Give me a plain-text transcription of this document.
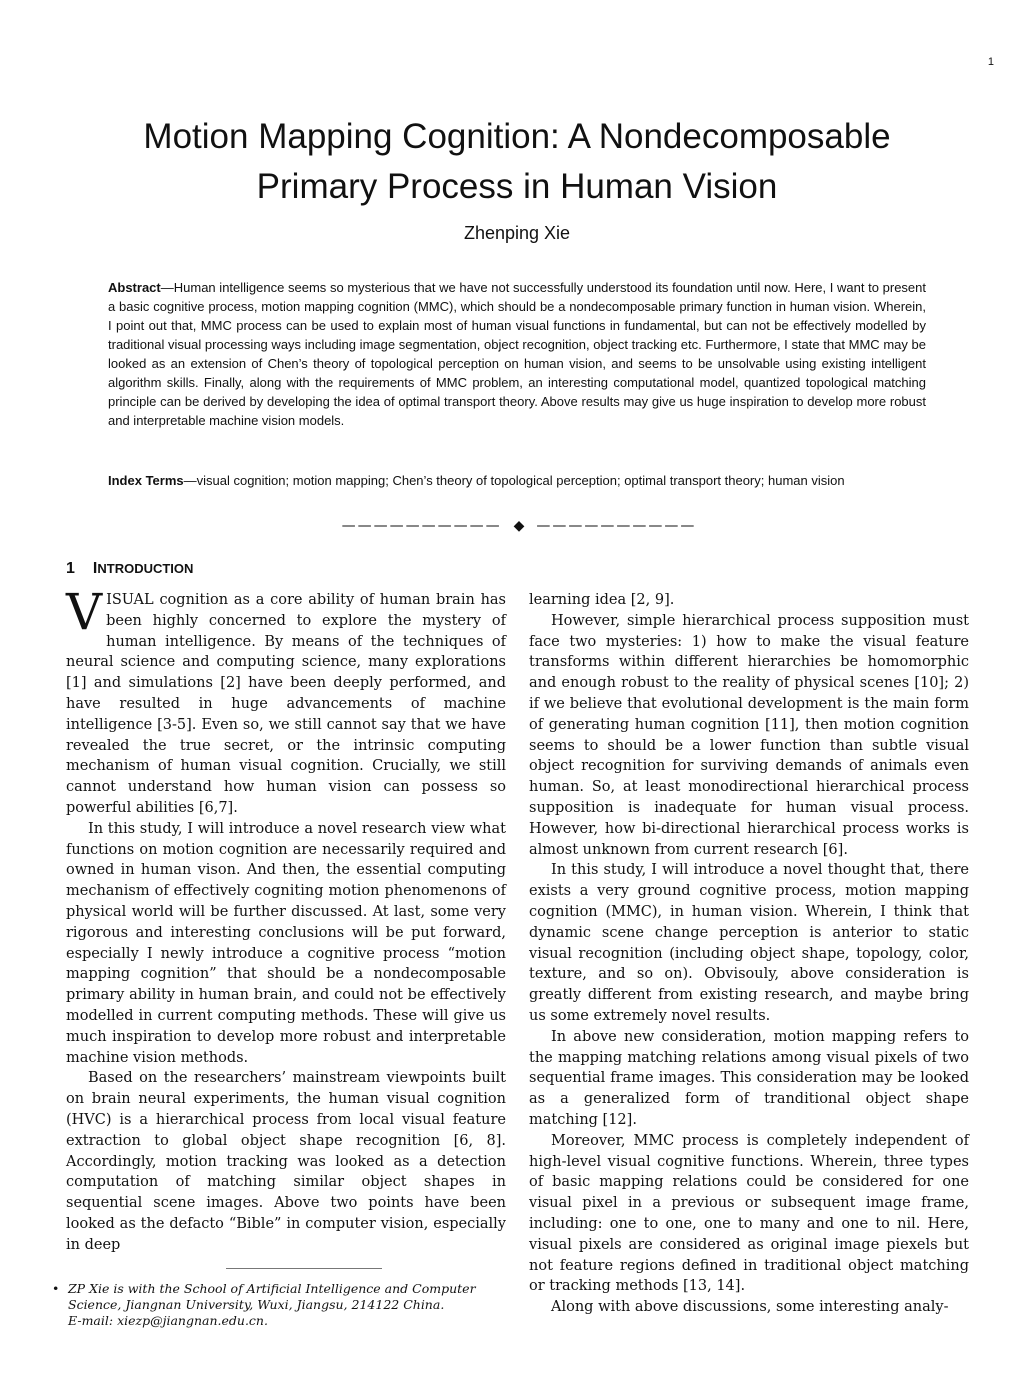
1
Motion Mapping Cognition: A Nondecomposable
Primary Process in Human Vision
Zhenping Xie

Abstract—Human intelligence seems so mysterious that we have not successfully understood its foundation until now. Here, I want to present a basic cognitive process, motion mapping cognition (MMC), which should be a nondecomposable primary function in human vision. Wherein, I point out that, MMC process can be used to explain most of human visual functions in fundamental, but can not be effectively modelled by traditional visual processing ways including image segmentation, object recognition, object tracking etc. Furthermore, I state that MMC may be looked as an extension of Chen’s theory of topological perception on human vision, and seems to be unsolvable using existing intelligent algorithm skills. Finally, along with the requirements of MMC problem, an interesting computational model, quantized topological matching principle can be derived by developing the idea of optimal transport theory. Above results may give us huge inspiration to develop more robust and interpretable machine vision models.

Index Terms—visual cognition; motion mapping; Chen’s theory of topological perception; optimal transport theory; human vision

—————————— ◆ ——————————
1 INTRODUCTION

VISUAL cognition as a core ability of human brain has been highly concerned to explore the mystery of human intelligence. By means of the techniques of neural science and computing science, many explorations [1] and simulations [2] have been deeply performed, and have resulted in huge advancements of machine intelligence [3-5]. Even so, we still cannot say that we have revealed the true secret, or the intrinsic computing mechanism of human visual cognition. Crucially, we still cannot understand how human vision can possess so powerful abilities [6,7].

In this study, I will introduce a novel research view what functions on motion cognition are necessarily required and owned in human vison. And then, the essential computing mechanism of effectively cogniting motion phenomenons of physical world will be further discussed. At last, some very rigorous and interesting conclusions will be put forward, especially I newly introduce a cognitive process “motion mapping cognition” that should be a nondecomposable primary ability in human brain, and could not be effectively modelled in current computing methods. These will give us much inspiration to develop more robust and interpretable machine vision methods.

Based on the researchers’ mainstream viewpoints built on brain neural experiments, the human visual cognition (HVC) is a hierarchical process from local visual feature extraction to global object shape recognition [6, 8]. Accordingly, motion tracking was looked as a detection computation of matching similar object shapes in sequential scene images. Above two points have been looked as the defacto “Bible” in computer vision, especially in deep

learning idea [2, 9].

However, simple hierarchical process supposition must face two mysteries: 1) how to make the visual feature transforms within different hierarchies be homomorphic and enough robust to the reality of physical scenes [10]; 2) if we believe that evolutional development is the main form of generating human cognition [11], then motion cognition seems to should be a lower function than subtle visual object recognition for surviving demands of animals even human. So, at least monodirectional hierarchical process supposition is inadequate for human visual process. However, how bi-directional hierarchical process works is almost unknown from current research [6].

In this study, I will introduce a novel thought that, there exists a very ground cognitive process, motion mapping cognition (MMC), in human vision. Wherein, I think that dynamic scene change perception is anterior to static visual recognition (including object shape, topology, color, texture, and so on). Obvisouly, above consideration is greatly different from existing research, and maybe bring us some extremely novel results.

In above new consideration, motion mapping refers to the mapping matching relations among visual pixels of two sequential frame images. This consideration may be looked as a generalized form of tranditional object shape matching [12].

Moreover, MMC process is completely independent of high-level visual cognitive functions. Wherein, three types of basic mapping relations could be considered for one visual pixel in a previous or subsequent image frame, including: one to one, one to many and one to nil. Here, visual pixels are considered as original image piexels but not feature regions defined in traditional object matching or tracking methods [13, 14].

Along with above discussions, some interesting analy-

• ZP Xie is with the School of Artificial Intelligence and Computer Science, Jiangnan University, Wuxi, Jiangsu, 214122 China.
E-mail: xiezp@jiangnan.edu.cn.
